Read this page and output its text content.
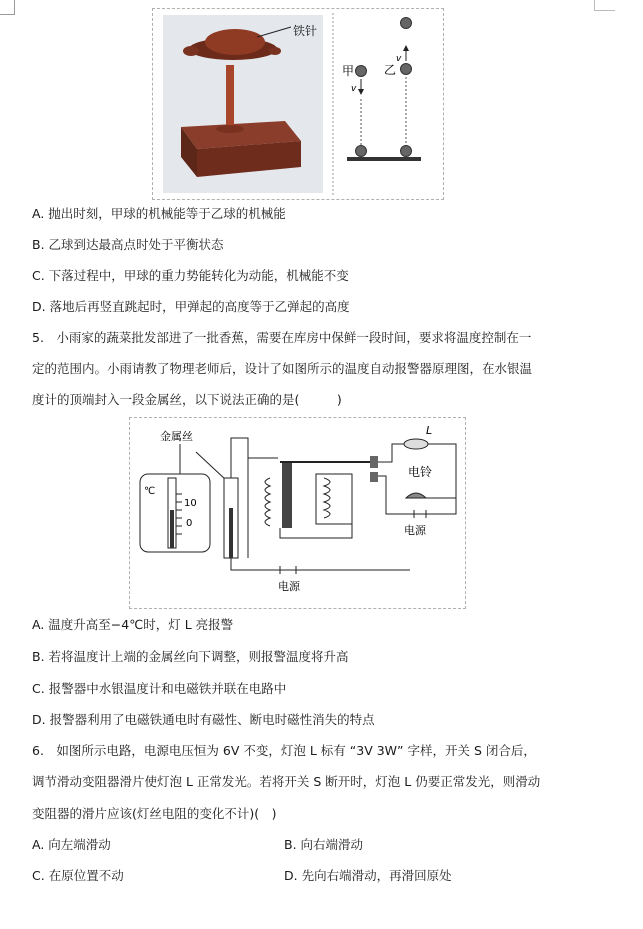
铁针
v
乙
甲
v
A. 抛出时刻，甲球的机械能等于乙球的机械能
B. 乙球到达最高点时处于平衡状态
C. 下落过程中，甲球的重力势能转化为动能，机械能不变
D. 落地后再竖直跳起时，甲弹起的高度等于乙弹起的高度
5.　小雨家的蔬菜批发部进了一批香蕉，需要在库房中保鲜一段时间，要求将温度控制在一
定的范围内。小雨请教了物理老师后，设计了如图所示的温度自动报警器原理图，在水银温
度计的顶端封入一段金属丝，以下说法正确的是(　　　)
金属丝
℃
10
0
电源
L
电铃
电源
A. 温度升高至−4℃时，灯 L 亮报警
B. 若将温度计上端的金属丝向下调整，则报警温度将升高
C. 报警器中水银温度计和电磁铁并联在电路中
D. 报警器利用了电磁铁通电时有磁性、断电时磁性消失的特点
6.　如图所示电路，电源电压恒为 6V 不变，灯泡 L 标有 “3V 3W” 字样，开关 S 闭合后，
调节滑动变阻器滑片使灯泡 L 正常发光。若将开关 S 断开时，灯泡 L 仍要正常发光，则滑动
变阻器的滑片应该(灯丝电阻的变化不计)(　)
A. 向左端滑动	B. 向右端滑动
C. 在原位置不动	D. 先向右端滑动，再滑回原处
